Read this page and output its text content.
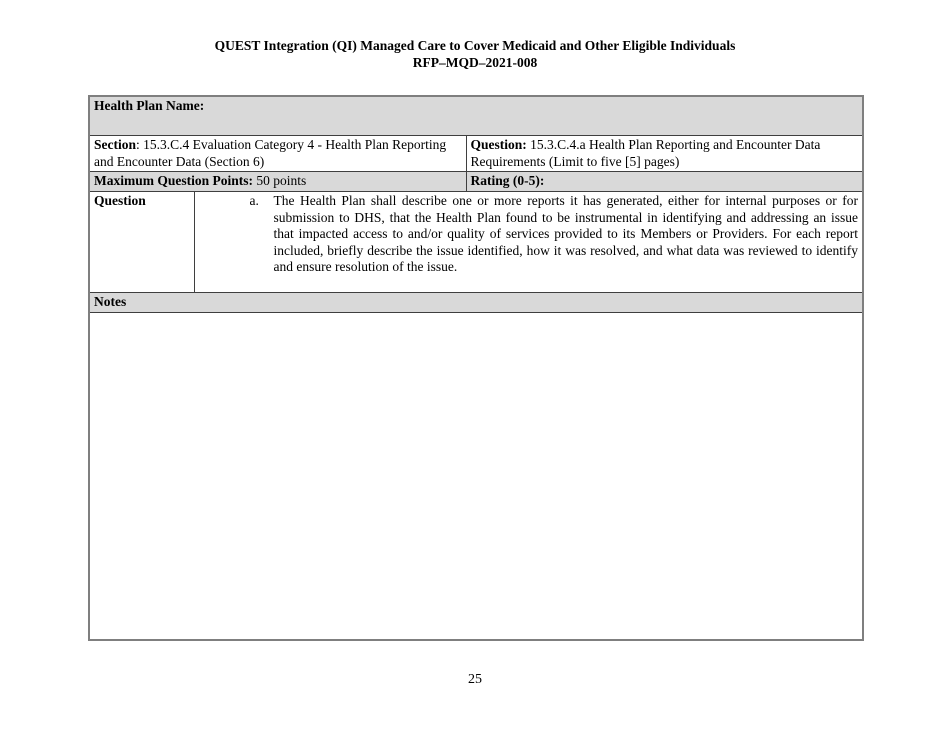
QUEST Integration (QI) Managed Care to Cover Medicaid and Other Eligible Individuals
RFP–MQD–2021-008
Health Plan Name:		
Section: 15.3.C.4 Evaluation Category 4 - Health Plan Reporting and Encounter Data (Section 6)		Question: 15.3.C.4.a Health Plan Reporting and Encounter Data Requirements (Limit to five [5] pages)
Maximum Question Points: 50 points		Rating (0-5):
Question	a. The Health Plan shall describe one or more reports it has generated, either for internal purposes or for submission to DHS, that the Health Plan found to be instrumental in identifying and addressing an issue that impacted access to and/or quality of services provided to its Members or Providers. For each report included, briefly describe the issue identified, how it was resolved, and what data was reviewed to identify and ensure resolution of the issue.	

Notes		

25
